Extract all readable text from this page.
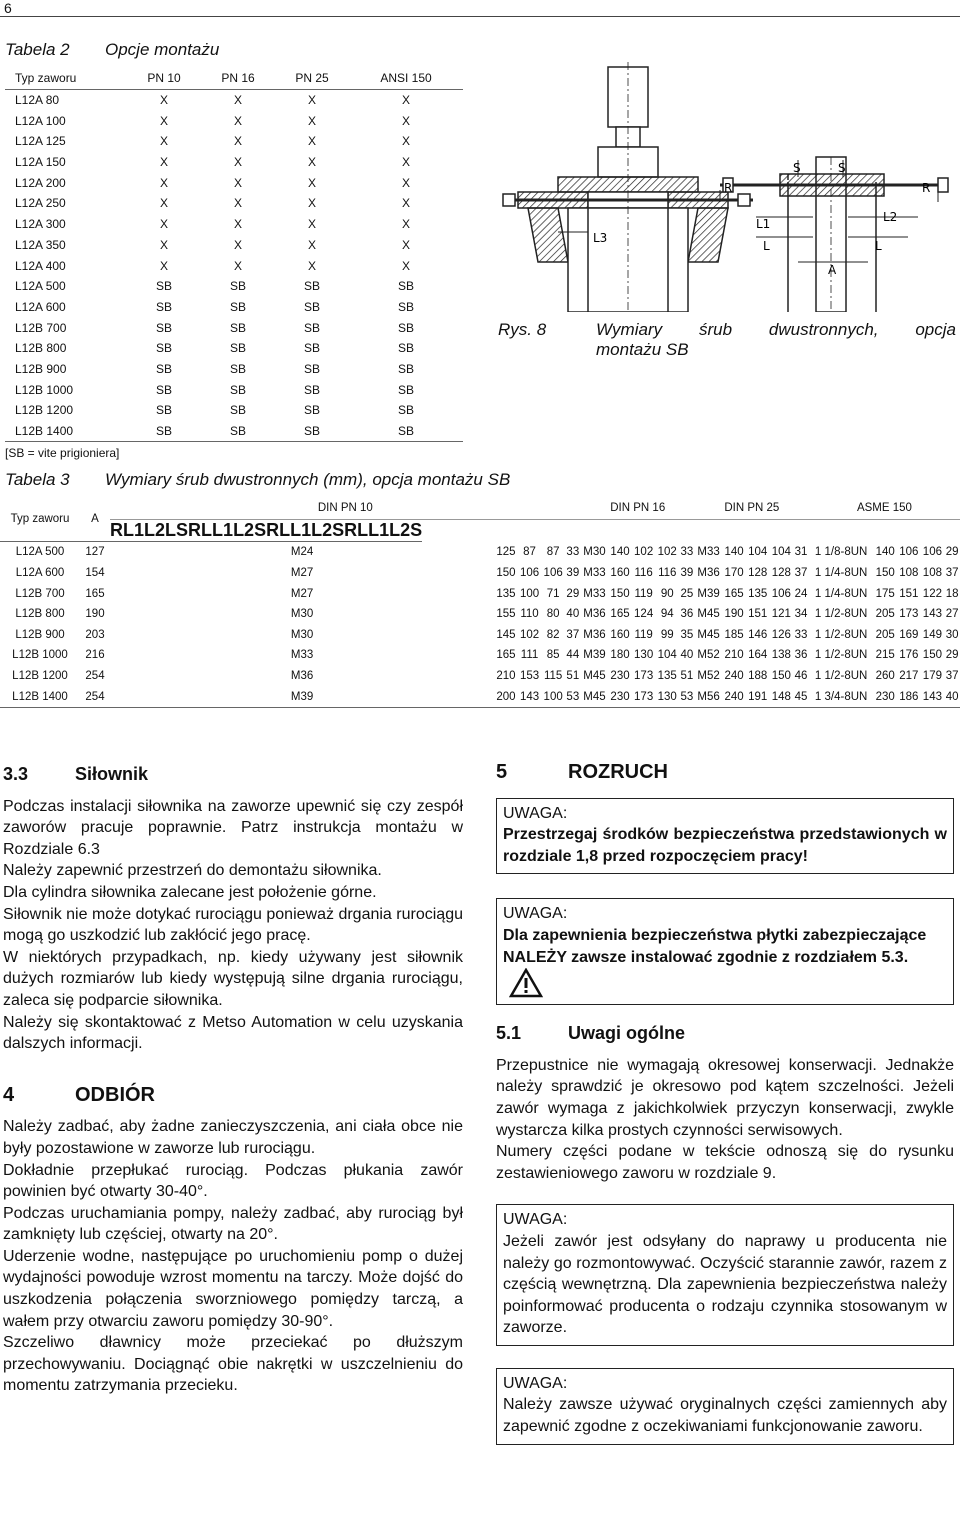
6
Tabela 2 Opcje montażu
Typ zaworu	PN 10	PN 16	PN 25	ANSI 150
L12A 80	X	X	X	X
L12A 100	X	X	X	X
L12A 125	X	X	X	X
L12A 150	X	X	X	X
L12A 200	X	X	X	X
L12A 250	X	X	X	X
L12A 300	X	X	X	X
L12A 350	X	X	X	X
L12A 400	X	X	X	X
L12A 500	SB	SB	SB	SB
L12A 600	SB	SB	SB	SB
L12B 700	SB	SB	SB	SB
L12B 800	SB	SB	SB	SB
L12B 900	SB	SB	SB	SB
L12B 1000	SB	SB	SB	SB
L12B 1200	SB	SB	SB	SB
L12B 1400	SB	SB	SB	SB
[SB = vite prigioniera]
L3
R	R
S	S
L1	L2
L	L
A
Rys. 8	Wymiary śrub dwustronnych, opcja
montażu SB
Tabela 3 Wymiary śrub dwustronnych (mm), opcja montażu SB
Typ zaworu	A	DIN PN 10	DIN PN 16	DIN PN 25	ASME 150

R L1 L2 L S R L L1 L2 S R L L1 L2 S R L L1 L2 S
L12A 500	127	M24	125	87	87	33	M30	140	102	102	33	M33	140	104	104	31	1 1/8-8UN	140	106	106	29
L12A 600	154	M27	150	106	106	39	M33	160	116	116	39	M36	170	128	128	37	1 1/4-8UN	150	108	108	37
L12B 700	165	M27	135	100	71	29	M33	150	119	90	25	M39	165	135	106	24	1 1/4-8UN	175	151	122	18
L12B 800	190	M30	155	110	80	40	M36	165	124	94	36	M45	190	151	121	34	1 1/2-8UN	205	173	143	27
L12B 900	203	M30	145	102	82	37	M36	160	119	99	35	M45	185	146	126	33	1 1/2-8UN	205	169	149	30
L12B 1000	216	M33	165	111	85	44	M39	180	130	104	40	M52	210	164	138	36	1 1/2-8UN	215	176	150	29
L12B 1200	254	M36	210	153	115	51	M45	230	173	135	51	M52	240	188	150	46	1 1/2-8UN	260	217	179	37
L12B 1400	254	M39	200	143	100	53	M45	230	173	130	53	M56	240	191	148	45	1 3/4-8UN	230	186	143	40
3.3	Siłownik

Podczas instalacji siłownika na zaworze upewnić się czy zespół zaworów pracuje poprawnie. Patrz instrukcja montażu w Rozdziale 6.3

Należy zapewnić przestrzeń do demontażu siłownika.

Dla cylindra siłownika zalecane jest położenie górne.

Siłownik nie może dotykać rurociągu ponieważ drgania rurociągu mogą go uszkodzić lub zakłócić jego pracę.

W niektórych przypadkach, np. kiedy używany jest siłownik dużych rozmiarów lub kiedy występują silne drgania rurociągu, zaleca się podparcie siłownika.

Należy się skontaktować z Metso Automation w celu uzyskania dalszych informacji.

4	ODBIÓR

Należy zadbać, aby żadne zanieczyszczenia, ani ciała obce nie były pozostawione w zaworze lub rurociągu.

Dokładnie przepłukać rurociąg. Podczas płukania zawór powinien być otwarty 30-40°.

Podczas uruchamiania pompy, należy zadbać, aby rurociąg był zamknięty lub częściej, otwarty na 20°.

Uderzenie wodne, następujące po uruchomieniu pomp o dużej wydajności powoduje wzrost momentu na tarczy. Może dojść do uszkodzenia połączenia sworzniowego pomiędzy tarczą, a wałem przy otwarciu zaworu pomiędzy 30-90°.

Szczeliwo dławnicy może przeciekać po dłuższym przechowywaniu. Dociągnąć obie nakrętki w uszczelnieniu do momentu zatrzymania przecieku.

5	ROZRUCH
UWAGA:

Przestrzegaj środków bezpieczeństwa przedstawionych w rozdziale 1,8 przed rozpoczęciem pracy!

UWAGA:

Dla zapewnienia bezpieczeństwa płytki zabezpieczające NALEŻY zawsze instalować zgodnie z rozdziałem 5.3.

5.1	Uwagi ogólne

Przepustnice nie wymagają okresowej konserwacji. Jednakże należy sprawdzić je okresowo pod kątem szczelności. Jeżeli zawór wymaga z jakichkolwiek przyczyn konserwacji, zwykle wystarcza kilka prostych czynności serwisowych.

Numery części podane w tekście odnoszą się do rysunku zestawieniowego zaworu w rozdziale 9.

UWAGA:

Jeżeli zawór jest odsyłany do naprawy u producenta nie należy go rozmontowywać. Oczyścić starannie zawór, razem z częścią wewnętrzną. Dla zapewnienia bezpieczeństwa należy poinformować producenta o rodzaju czynnika stosowanym w zaworze.

UWAGA:

Należy zawsze używać oryginalnych części zamiennych aby zapewnić zgodne z oczekiwaniami funkcjonowanie zaworu.
